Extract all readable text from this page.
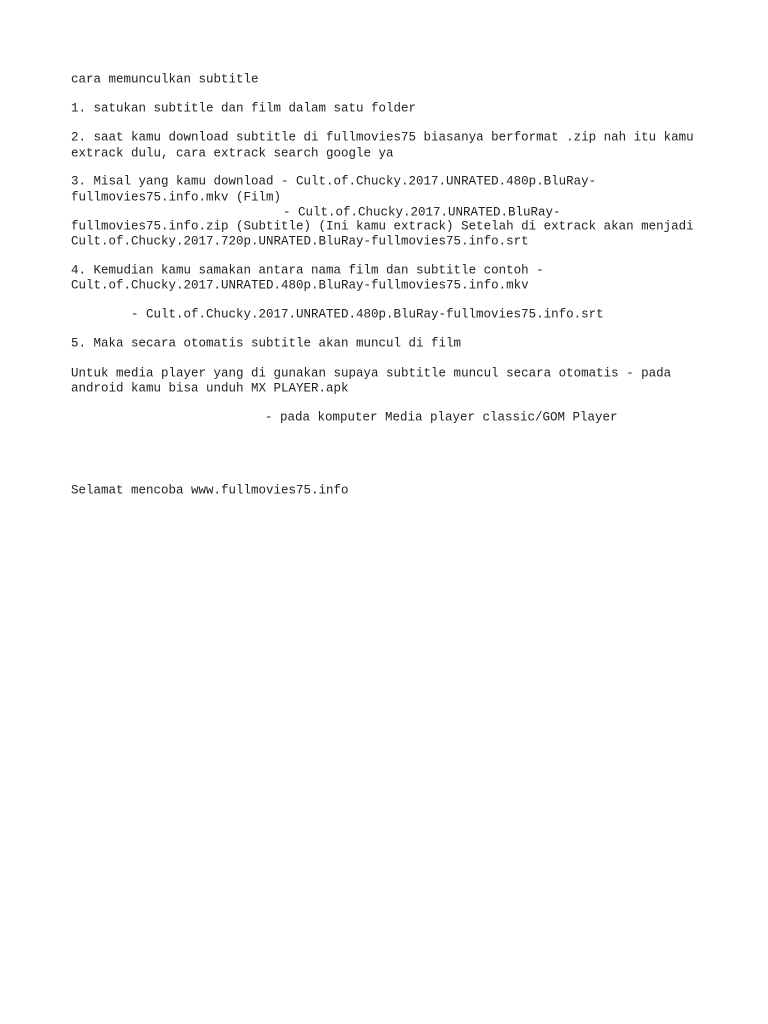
cara memunculkan subtitle
1. satukan subtitle dan film dalam satu folder
2. saat kamu download subtitle di fullmovies75 biasanya berformat .zip nah itu kamu
extrack dulu, cara extrack search google ya
3. Misal yang kamu download - Cult.of.Chucky.2017.UNRATED.480p.BluRay-
fullmovies75.info.mkv (Film)
- Cult.of.Chucky.2017.UNRATED.BluRay-
fullmovies75.info.zip (Subtitle) (Ini kamu extrack) Setelah di extrack akan menjadi
Cult.of.Chucky.2017.720p.UNRATED.BluRay-fullmovies75.info.srt
4. Kemudian kamu samakan antara nama film dan subtitle contoh -
Cult.of.Chucky.2017.UNRATED.480p.BluRay-fullmovies75.info.mkv
- Cult.of.Chucky.2017.UNRATED.480p.BluRay-fullmovies75.info.srt
5. Maka secara otomatis subtitle akan muncul di film
Untuk media player yang di gunakan supaya subtitle muncul secara otomatis - pada
android kamu bisa unduh MX PLAYER.apk
- pada komputer Media player classic/GOM Player
Selamat mencoba www.fullmovies75.info
